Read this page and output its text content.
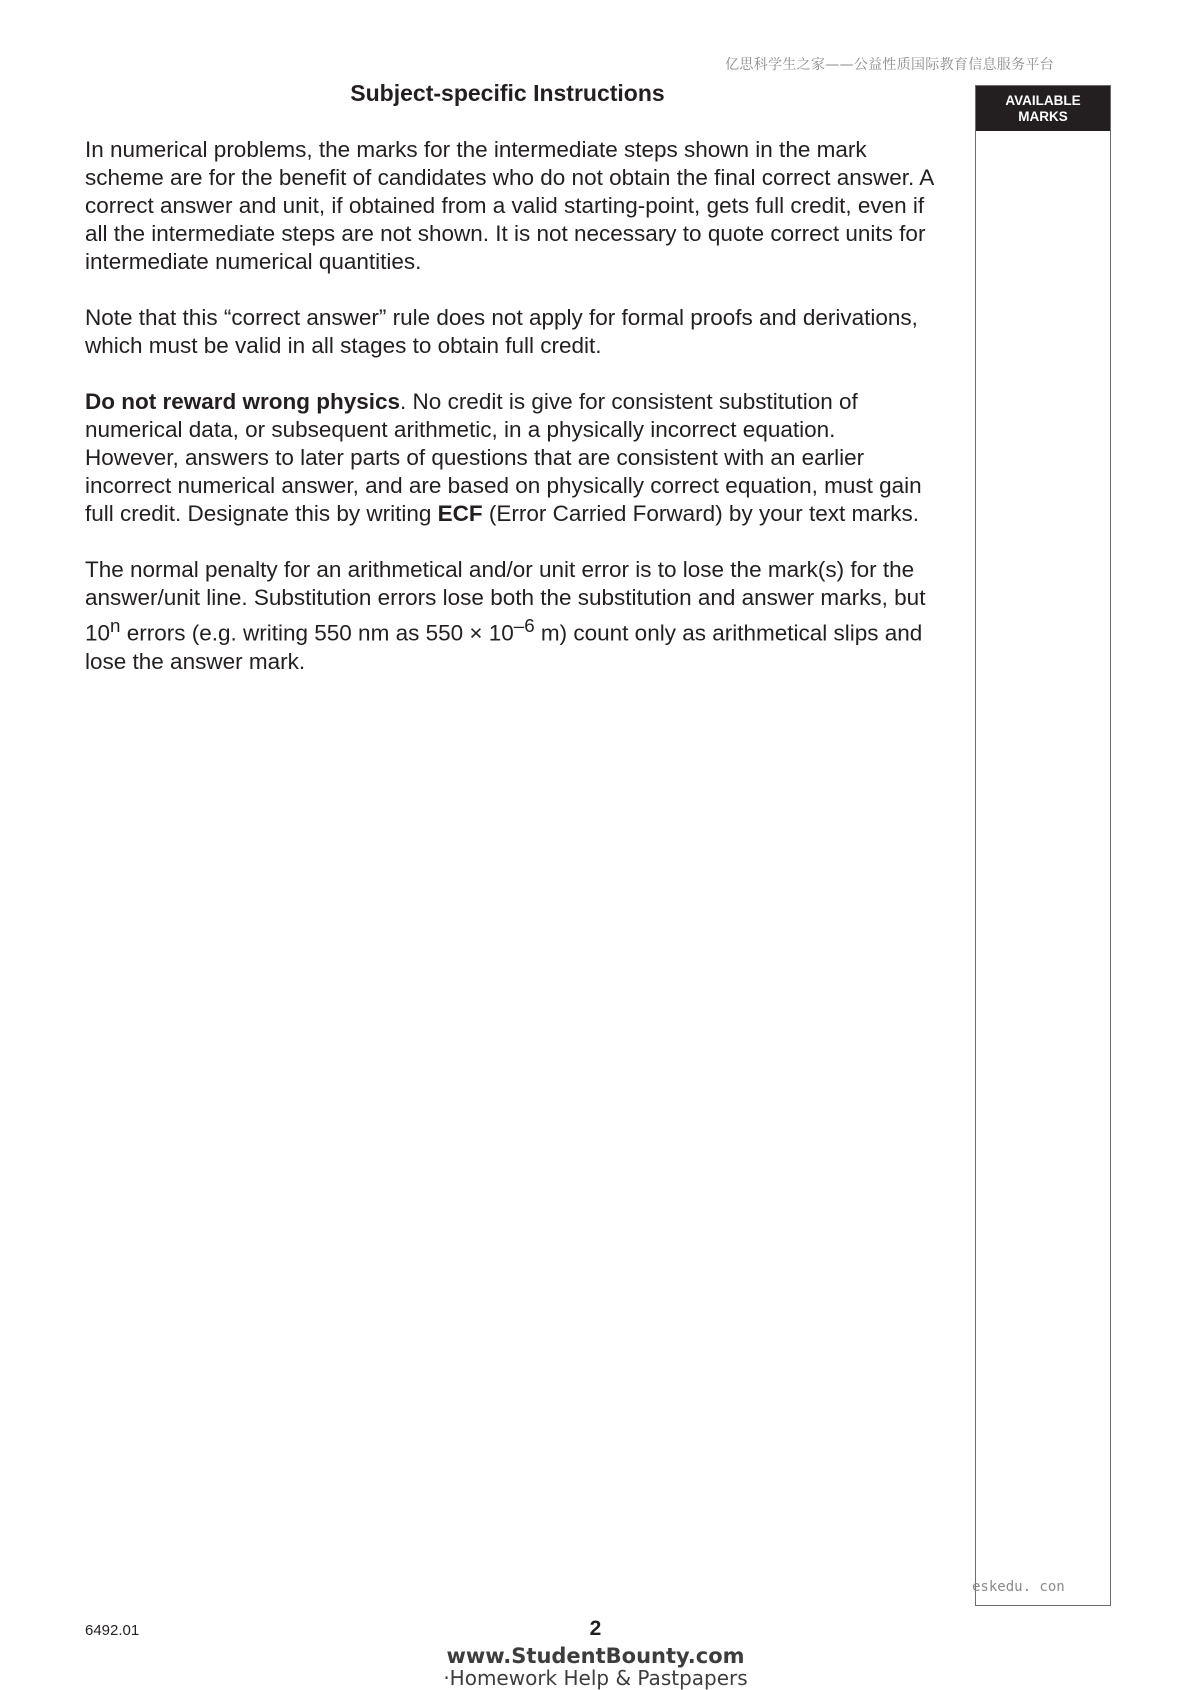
亿思科学生之家——公益性质国际教育信息服务平台
Subject-specific Instructions

In numerical problems, the marks for the intermediate steps shown in the mark scheme are for the benefit of candidates who do not obtain the final correct answer. A correct answer and unit, if obtained from a valid starting-point, gets full credit, even if all the intermediate steps are not shown. It is not necessary to quote correct units for intermediate numerical quantities.

Note that this “correct answer” rule does not apply for formal proofs and derivations, which must be valid in all stages to obtain full credit.

Do not reward wrong physics. No credit is give for consistent substitution of numerical data, or subsequent arithmetic, in a physically incorrect equation. However, answers to later parts of questions that are consistent with an earlier incorrect numerical answer, and are based on physically correct equation, must gain full credit. Designate this by writing ECF (Error Carried Forward) by your text marks.

The normal penalty for an arithmetical and/or unit error is to lose the mark(s) for the answer/unit line. Substitution errors lose both the substitution and answer marks, but 10$^n$ errors (e.g. writing 550 nm as $550 \times 10^{-6}$ m) count only as arithmetical slips and lose the answer mark.

AVAILABLE
MARKS
eskedu. con
6492.01	2
www.StudentBounty.com
·Homework Help & Pastpapers
